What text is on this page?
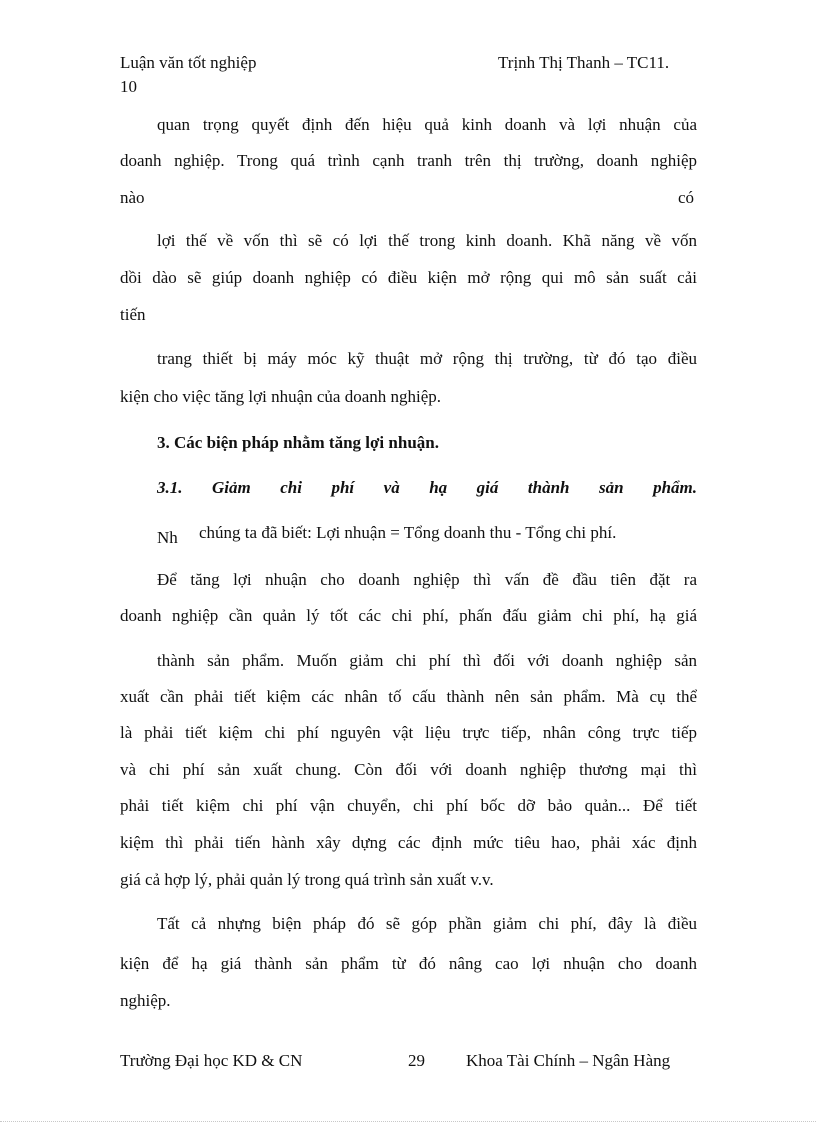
Luận văn tốt nghiệp	Trịnh Thị Thanh – TC11.
10
quan trọng quyết định đến hiệu quả kinh doanh và lợi nhuận của
doanh nghiệp. Trong quá trình cạnh tranh trên thị trường, doanh nghiệp
nào	có
lợi thế về vốn thì sẽ có lợi thế trong kinh doanh. Khã năng về vốn
dồi dào sẽ giúp doanh nghiệp có điều kiện mở rộng qui mô sản suất cải
tiến
trang thiết bị máy móc kỹ thuật mở rộng thị trường, từ đó tạo điều
kiện cho việc tăng lợi nhuận của doanh nghiệp.
3. Các biện pháp nhằm tăng lợi nhuận.
3.1. Giảm chi phí và hạ giá thành sản phẩm.
Nh chúng ta đã biết: Lợi nhuận = Tổng doanh thu - Tổng chi phí.
Để tăng lợi nhuận cho doanh nghiệp thì vấn đề đầu tiên đặt ra
doanh nghiệp cần quản lý tốt các chi phí, phấn đấu giảm chi phí, hạ giá
thành sản phẩm. Muốn giảm chi phí thì đối với doanh nghiệp sản
xuất cần phải tiết kiệm các nhân tố cấu thành nên sản phẩm. Mà cụ thể
là phải tiết kiệm chi phí nguyên vật liệu trực tiếp, nhân công trực tiếp
và chi phí sản xuất chung. Còn đối với doanh nghiệp thương mại thì
phải tiết kiệm chi phí vận chuyển, chi phí bốc dỡ bảo quản... Để tiết
kiệm thì phải tiến hành xây dựng các định mức tiêu hao, phải xác định
giá cả hợp lý, phải quản lý trong quá trình sản xuất v.v.
Tất cả nhựng biện pháp đó sẽ góp phần giảm chi phí, đây là điều
kiện để hạ giá thành sản phẩm từ đó nâng cao lợi nhuận cho doanh
nghiệp.
Trường Đại học KD & CN	29 Khoa Tài Chính – Ngân Hàng
